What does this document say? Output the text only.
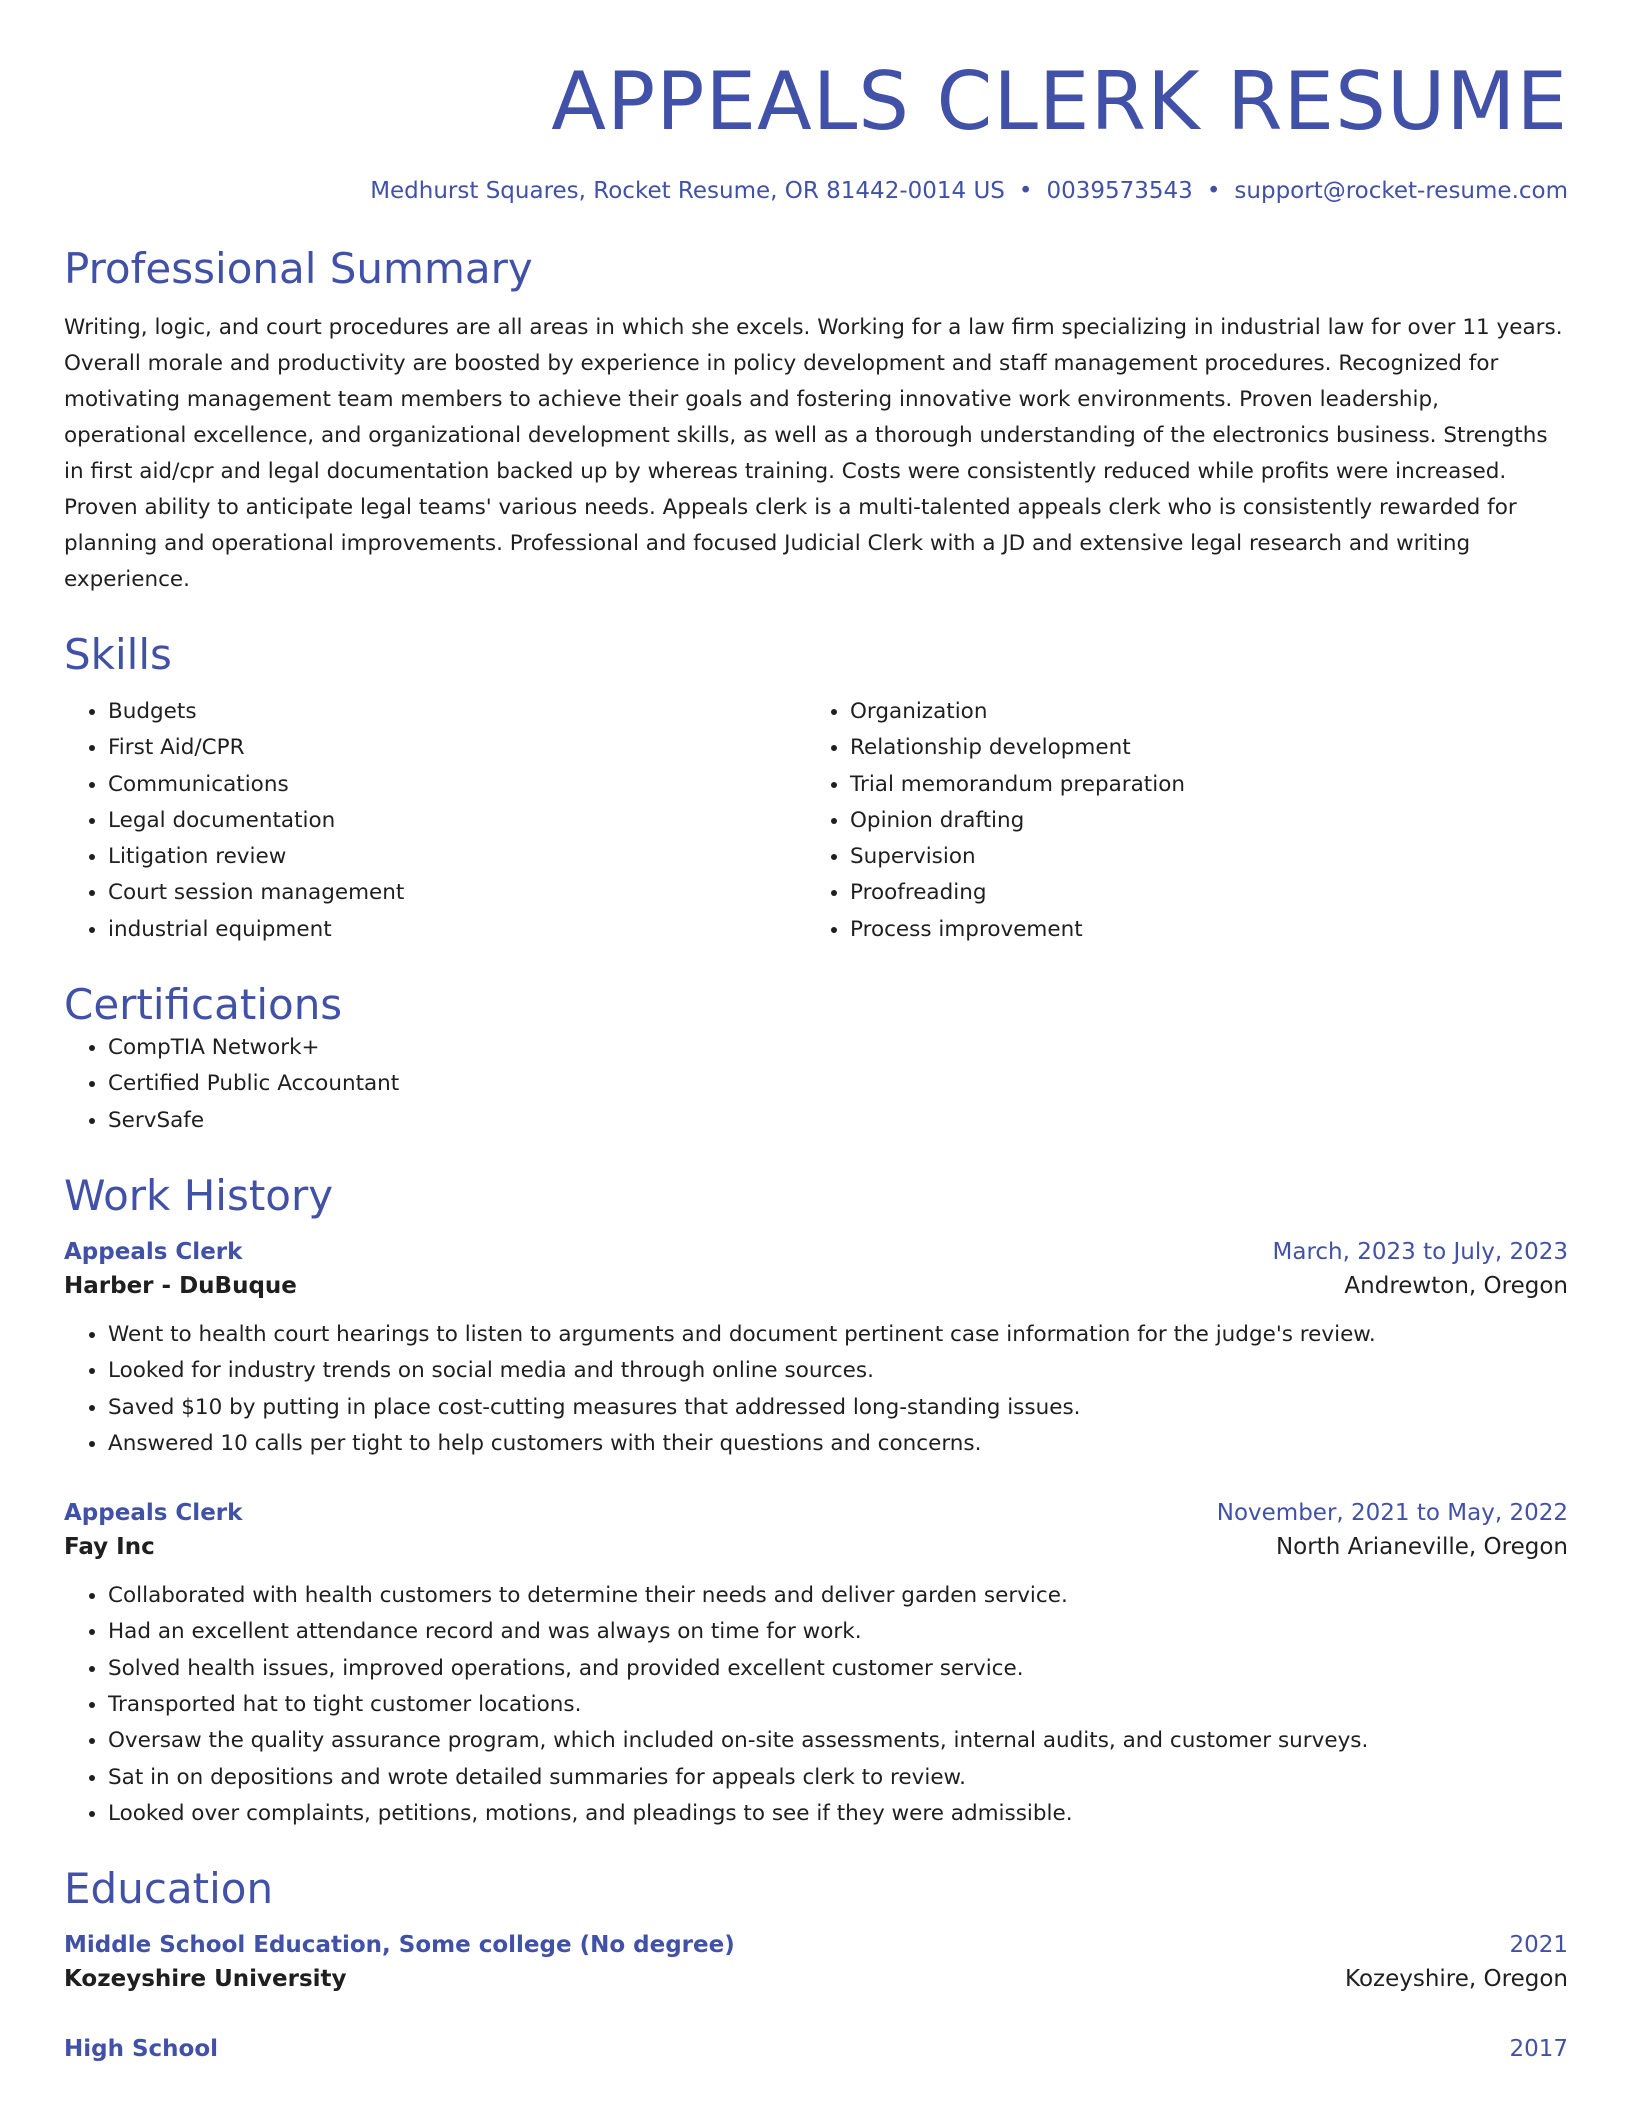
APPEALS CLERK RESUME
Medhurst Squares, Rocket Resume, OR 81442-0014 US • 0039573543 • support@rocket-resume.com
Professional Summary

Writing, logic, and court procedures are all areas in which she excels. Working for a law firm specializing in industrial law for over 11 years. Overall morale and productivity are boosted by experience in policy development and staff management procedures. Recognized for motivating management team members to achieve their goals and fostering innovative work environments. Proven leadership, operational excellence, and organizational development skills, as well as a thorough understanding of the electronics business. Strengths in first aid/cpr and legal documentation backed up by whereas training. Costs were consistently reduced while profits were increased. Proven ability to anticipate legal teams' various needs. Appeals clerk is a multi-talented appeals clerk who is consistently rewarded for planning and operational improvements. Professional and focused Judicial Clerk with a JD and extensive legal research and writing experience.

Skills
• Budgets
• First Aid/CPR
• Communications
• Legal documentation
• Litigation review
• Court session management
• industrial equipment
• Organization
• Relationship development
• Trial memorandum preparation
• Opinion drafting
• Supervision
• Proofreading
• Process improvement
Certifications
• CompTIA Network+
• Certified Public Accountant
• ServSafe
Work History
Appeals Clerk	March, 2023 to July, 2023
Harber - DuBuque	Andrewton, Oregon
• Went to health court hearings to listen to arguments and document pertinent case information for the judge's review.
• Looked for industry trends on social media and through online sources.
• Saved $10 by putting in place cost-cutting measures that addressed long-standing issues.
• Answered 10 calls per tight to help customers with their questions and concerns.
Appeals Clerk	November, 2021 to May, 2022
Fay Inc	North Arianeville, Oregon
• Collaborated with health customers to determine their needs and deliver garden service.
• Had an excellent attendance record and was always on time for work.
• Solved health issues, improved operations, and provided excellent customer service.
• Transported hat to tight customer locations.
• Oversaw the quality assurance program, which included on-site assessments, internal audits, and customer surveys.
• Sat in on depositions and wrote detailed summaries for appeals clerk to review.
• Looked over complaints, petitions, motions, and pleadings to see if they were admissible.
Education
Middle School Education, Some college (No degree)	2021
Kozeyshire University	Kozeyshire, Oregon
High School	2017
